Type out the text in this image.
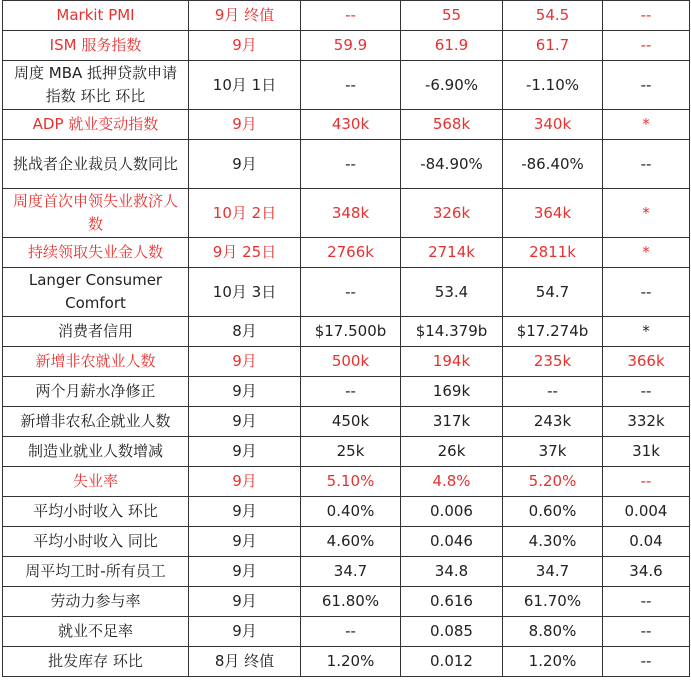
Markit PMI	9月 终值	--	55	54.5	--
ISM 服务指数	9月	59.9	61.9	61.7	--
周度 MBA 抵押贷款申请指数 环比 环比	10月 1日	--	-6.90%	-1.10%	--
ADP 就业变动指数	9月	430k	568k	340k	*
挑战者企业裁员人数同比	9月	--	-84.90%	-86.40%	--
周度首次申领失业救济人数	10月 2日	348k	326k	364k	*
持续领取失业金人数	9月 25日	2766k	2714k	2811k	*
Langer Consumer Comfort	10月 3日	--	53.4	54.7	--
消费者信用	8月	$17.500b	$14.379b	$17.274b	*
新增非农就业人数	9月	500k	194k	235k	366k
两个月薪水净修正	9月	--	169k	--	--
新增非农私企就业人数	9月	450k	317k	243k	332k
制造业就业人数增减	9月	25k	26k	37k	31k
失业率	9月	5.10%	4.8%	5.20%	--
平均小时收入 环比	9月	0.40%	0.006	0.60%	0.004
平均小时收入 同比	9月	4.60%	0.046	4.30%	0.04
周平均工时-所有员工	9月	34.7	34.8	34.7	34.6
劳动力参与率	9月	61.80%	0.616	61.70%	--
就业不足率	9月	--	0.085	8.80%	--
批发库存 环比	8月 终值	1.20%	0.012	1.20%	--
